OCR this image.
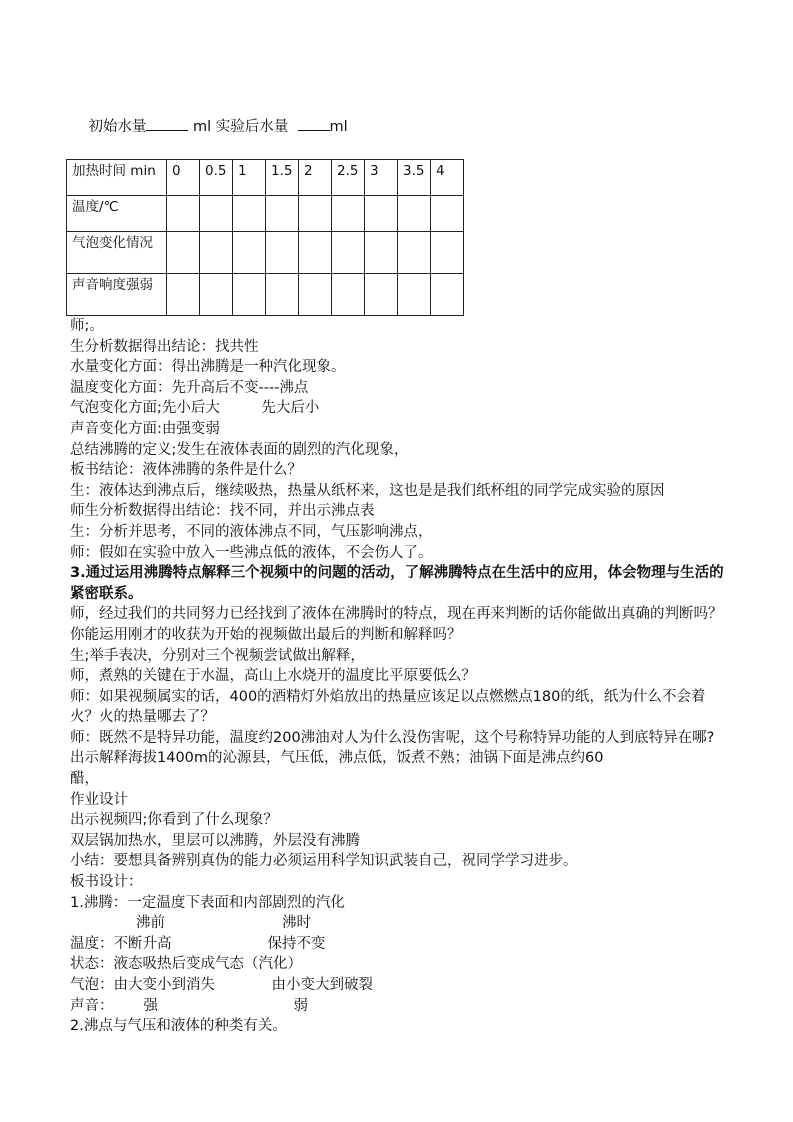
初始水量	ml 实验后水量  ml

加热时间 min	0	0.5	1	1.5	2	2.5	3	3.5	4
温度/℃									
气泡变化情况									
声音响度强弱									
师;。
生分析数据得出结论：找共性
水量变化方面：得出沸腾是一种汽化现象。
温度变化方面：先升高后不变----沸点
气泡变化方面;先小后大         先大后小
声音变化方面:由强变弱
总结沸腾的定义;发生在液体表面的剧烈的汽化现象，
板书结论：液体沸腾的条件是什么？
生：液体达到沸点后，继续吸热，热量从纸杯来，这也是是我们纸杯组的同学完成实验的原因
师生分析数据得出结论：找不同，并出示沸点表
生：分析并思考，不同的液体沸点不同，气压影响沸点，
师：假如在实验中放入一些沸点低的液体，不会伤人了。
3.通过运用沸腾特点解释三个视频中的问题的活动，了解沸腾特点在生活中的应用，体会物理与生活的紧密联系。
师，经过我们的共同努力已经找到了液体在沸腾时的特点，现在再来判断的话你能做出真确的判断吗？你能运用刚才的收获为开始的视频做出最后的判断和解释吗？
生;举手表决，分别对三个视频尝试做出解释，
师，煮熟的关键在于水温，高山上水烧开的温度比平原要低么？
师：如果视频属实的话，400的酒精灯外焰放出的热量应该足以点燃燃点180的纸，纸为什么不会着火？火的热量哪去了？
师：既然不是特异功能，温度约200沸油对人为什么没伤害呢，这个号称特异功能的人到底特异在哪?
出示解释海拔1400m的沁源县，气压低，沸点低，饭煮不熟；油锅下面是沸点约60
醋，
作业设计
出示视频四;你看到了什么现象？
双层锅加热水，里层可以沸腾，外层没有沸腾
小结：要想具备辨别真伪的能力必须运用科学知识武装自己，祝同学学习进步。
板书设计：
1.沸腾：一定温度下表面和内部剧烈的汽化
沸前	沸时
温度：不断升高	保持不变
状态：液态吸热后变成气态（汽化）
气泡：由大变小到消失	由小变大到破裂
声音： 强	弱
2.沸点与气压和液体的种类有关。
